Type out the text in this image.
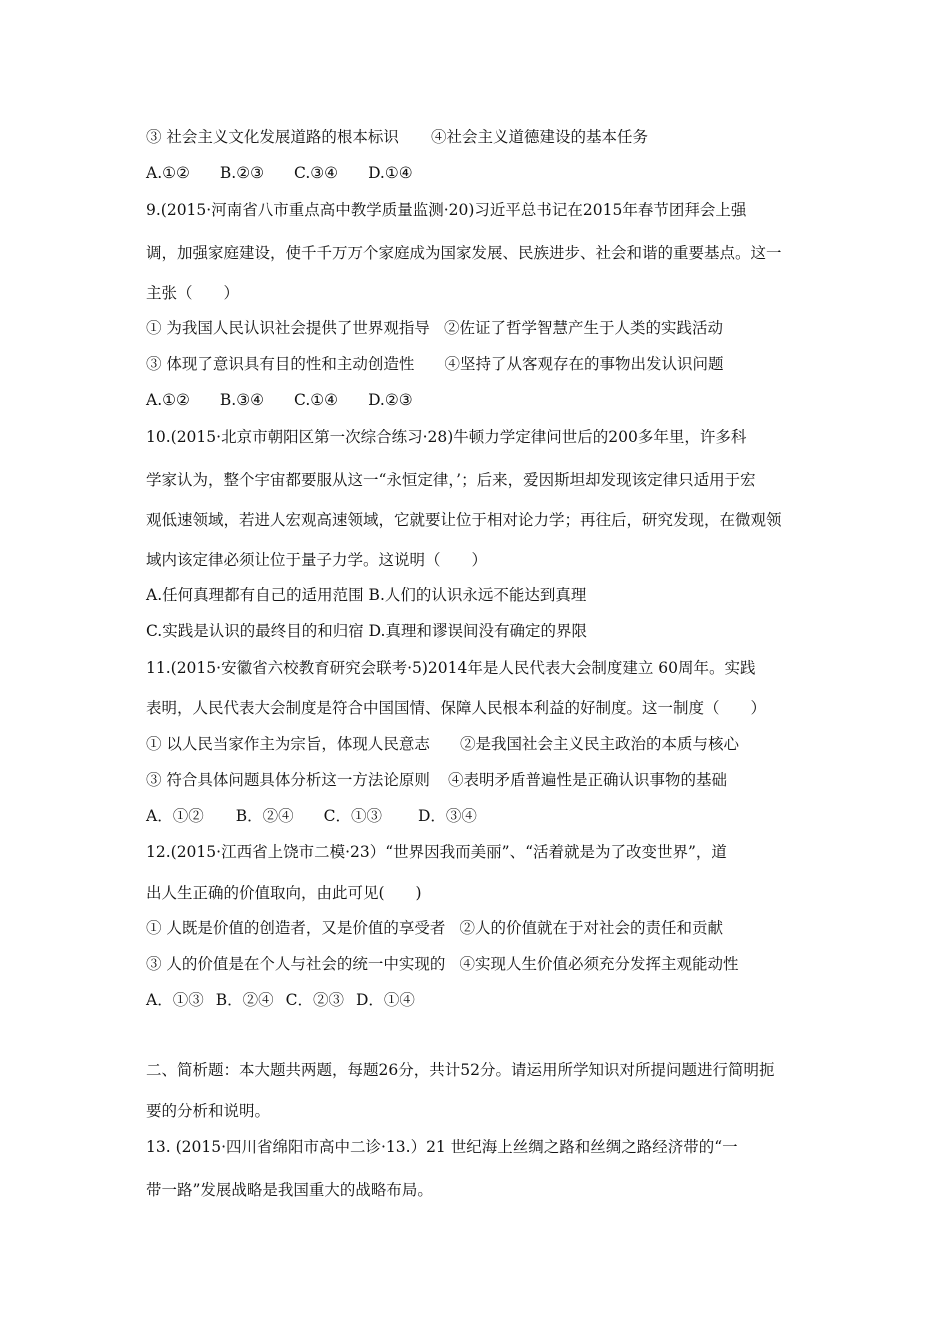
③ 社会主义文化发展道路的根本标识 ④社会主义道德建设的基本任务
A.①② B.②③ C.③④ D.①④
9.(2015·河南省八市重点高中教学质量监测·20)习近平总书记在2015年春节团拜会上强
调，加强家庭建设，使千千万万个家庭成为国家发展、民族进步、社会和谐的重要基点。这一
主张（　　）
① 为我国人民认识社会提供了世界观指导 ②佐证了哲学智慧产生于人类的实践活动
③ 体现了意识具有目的性和主动创造性 ④坚持了从客观存在的事物出发认识问题
A.①② B.③④ C.①④ D.②③
10.(2015·北京市朝阳区第一次综合练习·28)牛顿力学定律问世后的200多年里，许多科
学家认为，整个宇宙都要服从这一“永恒定律，’；后来，爱因斯坦却发现该定律只适用于宏
观低速领域，若进人宏观高速领域，它就要让位于相对论力学；再往后，研究发现，在微观领
域内该定律必须让位于量子力学。这说明（　　）
A.任何真理都有自己的适用范围 B.人们的认识永远不能达到真理
C.实践是认识的最终目的和归宿 D.真理和谬误间没有确定的界限
11.(2015·安徽省六校教育研究会联考·5)2014年是人民代表大会制度建立 60周年。实践
表明，人民代表大会制度是符合中国国情、保障人民根本利益的好制度。这一制度（　　）
① 以人民当家作主为宗旨，体现人民意志 ②是我国社会主义民主政治的本质与核心
③ 符合具体问题具体分析这一方法论原则 ④表明矛盾普遍性是正确认识事物的基础
A．①② B．②④ C．①③ D．③④
12.(2015·江西省上饶市二模·23）“世界因我而美丽”、“活着就是为了改变世界”，道
出人生正确的价值取向，由此可见(　　)
① 人既是价值的创造者，又是价值的享受者 ②人的价值就在于对社会的责任和贡献
③ 人的价值是在个人与社会的统一中实现的 ④实现人生价值必须充分发挥主观能动性
A．①③ B．②④ C．②③ D．①④
二、简析题：本大题共两题，每题26分，共计52分。请运用所学知识对所提问题进行简明扼
要的分析和说明。
13. (2015·四川省绵阳市高中二诊·13.）21 世纪海上丝绸之路和丝绸之路经济带的“一
带一路”发展战略是我国重大的战略布局。
